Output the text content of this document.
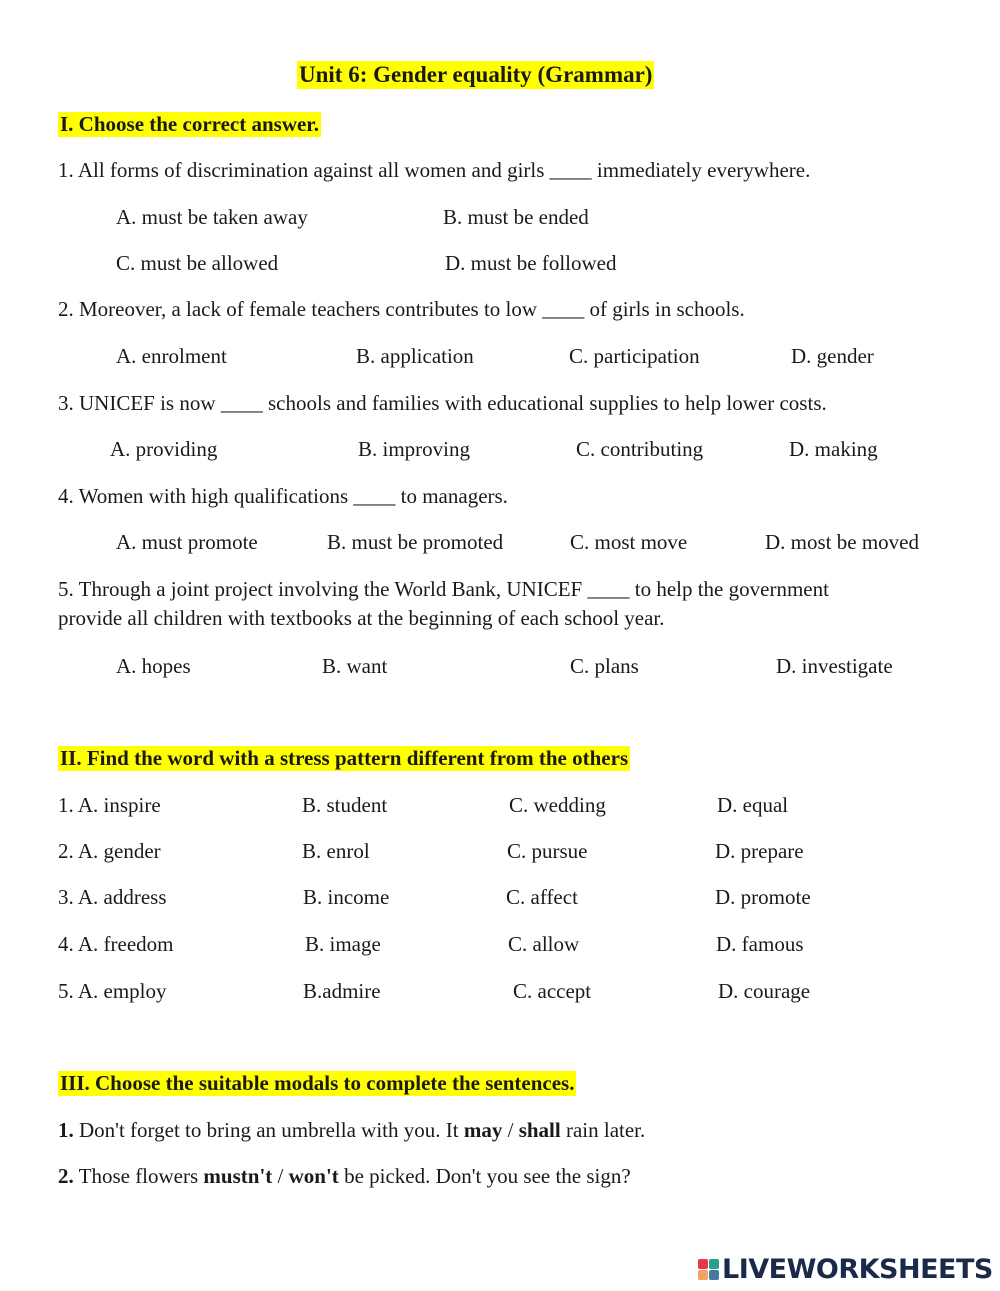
Unit 6: Gender equality (Grammar)
I. Choose the correct answer.
1. All forms of discrimination against all women and girls ____ immediately everywhere.
A. must be taken away	B. must be ended
C. must be allowed	D. must be followed
2. Moreover, a lack of female teachers contributes to low ____ of girls in schools.
A. enrolment	B. application	C. participation	D. gender
3. UNICEF is now ____ schools and families with educational supplies to help lower costs.
A. providing	B. improving	C. contributing	D. making
4. Women with high qualifications ____ to managers.
A. must promote	B. must be promoted	C. most move	D. most be moved
5. Through a joint project involving the World Bank, UNICEF ____ to help the government
provide all children with textbooks at the beginning of each school year.
A. hopes	B. want	C. plans	D. investigate
II. Find the word with a stress pattern different from the others
1. A. inspire	B. student	C. wedding	D. equal
2. A. gender	B. enrol	C. pursue	D. prepare
3. A. address	B. income	C. affect	D. promote
4. A. freedom	B. image	C. allow	D. famous
5. A. employ	B.admire	C. accept	D. courage
III. Choose the suitable modals to complete the sentences.
1. Don't forget to bring an umbrella with you. It may / shall rain later.
2. Those flowers mustn't / won't be picked. Don't you see the sign?
LIVEWORKSHEETS
